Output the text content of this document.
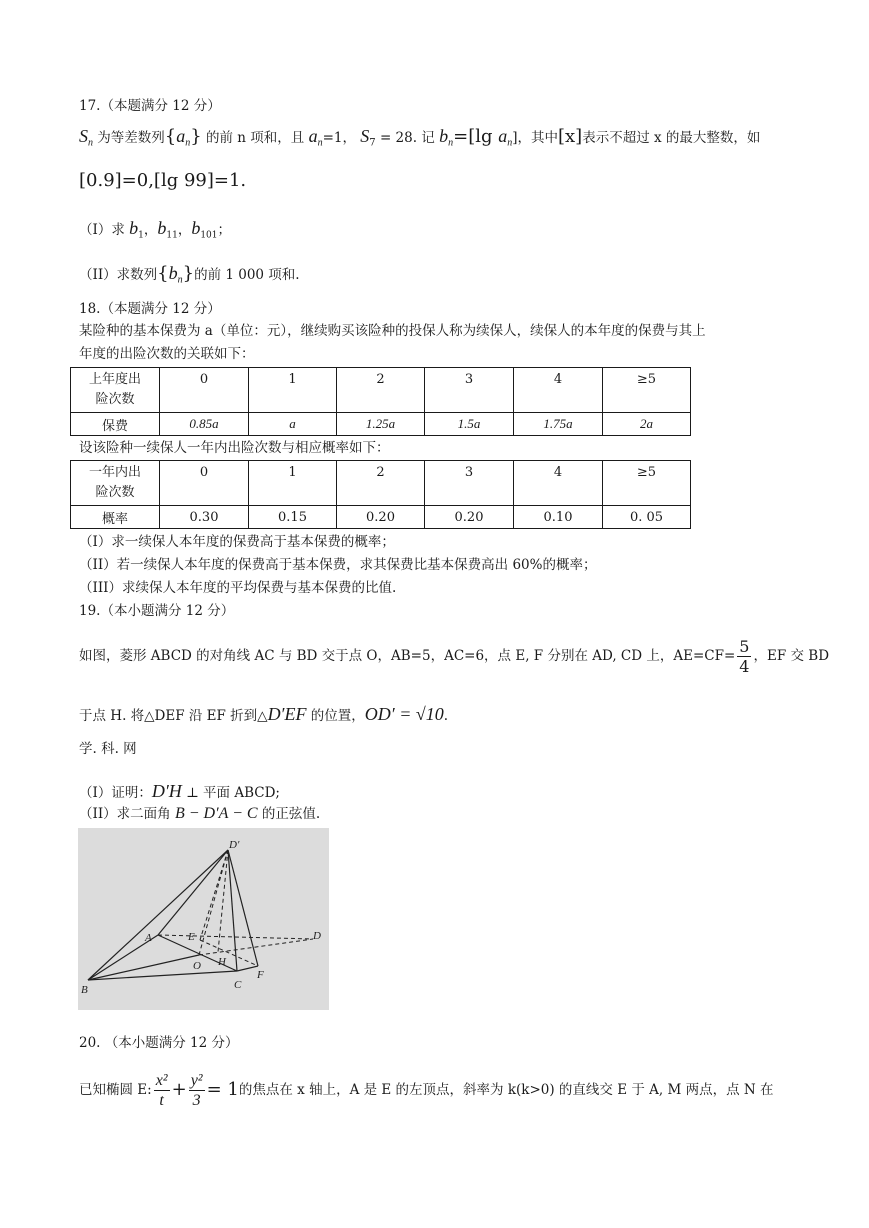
17.（本题满分 12 分）
$S_n$ 为等差数列$\{a_n\}$ 的前 n 项和，且 $a_n=1$， $S_7 = 28$. 记 $b_n=[\lg$ $a_n$]，其中[x]表示不超过 x 的最大整数，如
[0.9]=0,[lg 99]=1.
（I）求 $b_1$，$b_{11}$，$b_{101}$；
（II）求数列$\{b_n\}$的前 1 000 项和.
18.（本题满分 12 分）
某险种的基本保费为 a（单位：元），继续购买该险种的投保人称为续保人，续保人的本年度的保费与其上
年度的出险次数的关联如下：
上年度出
险次数	0	1	2	3	4	≥5
保费	0.85a	a	1.25a	1.5a	1.75a	2a
设该险种一续保人一年内出险次数与相应概率如下：
一年内出
险次数	0	1	2	3	4	≥5
概率	0.30	0.15	0.20	0.20	0.10	0. 05
（I）求一续保人本年度的保费高于基本保费的概率；
（II）若一续保人本年度的保费高于基本保费，求其保费比基本保费高出 60%的概率；
（III）求续保人本年度的平均保费与基本保费的比值.
19.（本小题满分 12 分）
如图，菱形 ABCD 的对角线 AC 与 BD 交于点 O，AB=5，AC=6，点 E, F 分别在 AD, CD 上，$AE=CF= \frac{5}{4}$ ，EF 交 BD
于点 H. 将△DEF 沿 EF 折到△D′EF 的位置，OD′ = √10.
学. 科. 网
（I）证明：D′H ⊥ 平面 ABCD;
（II）求二面角 B − D′A − C 的正弦值.
D′
A	E
O H
D
F
B	C
20. （本小题满分 12 分）
已知椭圆 E: $\frac{\text{x²}}{t} + \frac{\text{y²}}{3} = 1$ 的焦点在 x 轴上，A 是 E 的左顶点，斜率为 k(k>0) 的直线交 E 于 A, M 两点，点 N 在
